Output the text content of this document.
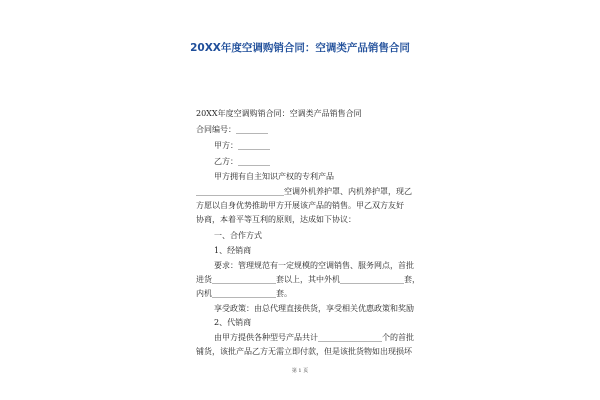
20XX年度空调购销合同：空调类产品销售合同
20XX年度空调购销合同：空调类产品销售合同
合同编号：________
甲方：________
乙方：________
甲方拥有自主知识产权的专利产品
______________________空调外机养护罩、内机养护罩，现乙
方愿以自身优势推助甲方开展该产品的销售。甲乙双方友好
协商，本着平等互利的原则，达成如下协议：
一、合作方式
1、经销商
要求：管理规范有一定规模的空调销售、服务网点，首批
进货________________套以上，其中外机________________套，
内机________________套。
享受政策：由总代理直接供货，享受相关优惠政策和奖励
2、代销商
由甲方提供各种型号产品共计________________个的首批
铺货，该批产品乙方无需立即付款，但是该批货物如出现损坏
第 1 页
